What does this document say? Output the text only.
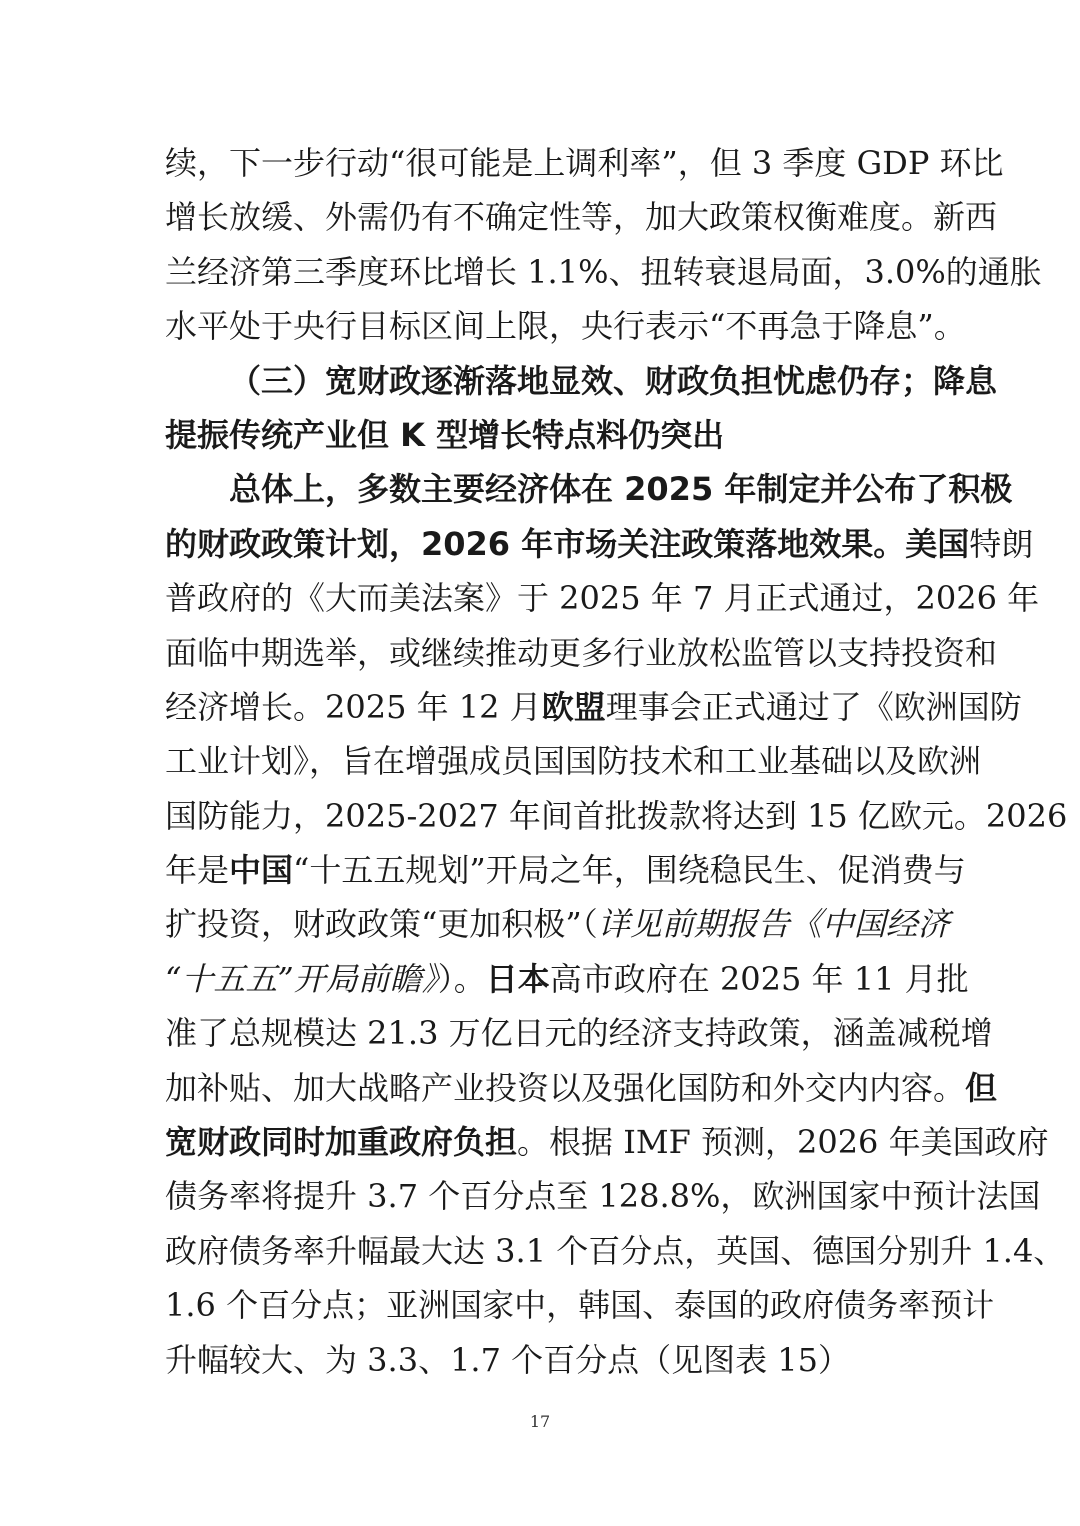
续，下一步行动“很可能是上调利率”，但 3 季度 GDP 环比
增长放缓、外需仍有不确定性等，加大政策权衡难度。新西
兰经济第三季度环比增长 1.1%、扭转衰退局面，3.0%的通胀
水平处于央行目标区间上限，央行表示“不再急于降息”。
（三）宽财政逐渐落地显效、财政负担忧虑仍存；降息
提振传统产业但 K 型增长特点料仍突出
总体上，多数主要经济体在 2025 年制定并公布了积极
的财政政策计划，2026 年市场关注政策落地效果。美国特朗
普政府的《大而美法案》于 2025 年 7 月正式通过，2026 年
面临中期选举，或继续推动更多行业放松监管以支持投资和
经济增长。2025 年 12 月欧盟理事会正式通过了《欧洲国防
工业计划》，旨在增强成员国国防技术和工业基础以及欧洲
国防能力，2025-2027 年间首批拨款将达到 15 亿欧元。2026
年是中国“十五五规划”开局之年，围绕稳民生、促消费与
扩投资，财政政策“更加积极”（详见前期报告《中国经济
“十五五”开局前瞻》）。日本高市政府在 2025 年 11 月批
准了总规模达 21.3 万亿日元的经济支持政策，涵盖减税增
加补贴、加大战略产业投资以及强化国防和外交内内容。但
宽财政同时加重政府负担。根据 IMF 预测，2026 年美国政府
债务率将提升 3.7 个百分点至 128.8%，欧洲国家中预计法国
政府债务率升幅最大达 3.1 个百分点，英国、德国分别升 1.4、
1.6 个百分点；亚洲国家中，韩国、泰国的政府债务率预计
升幅较大、为 3.3、1.7 个百分点（见图表 15）
17
